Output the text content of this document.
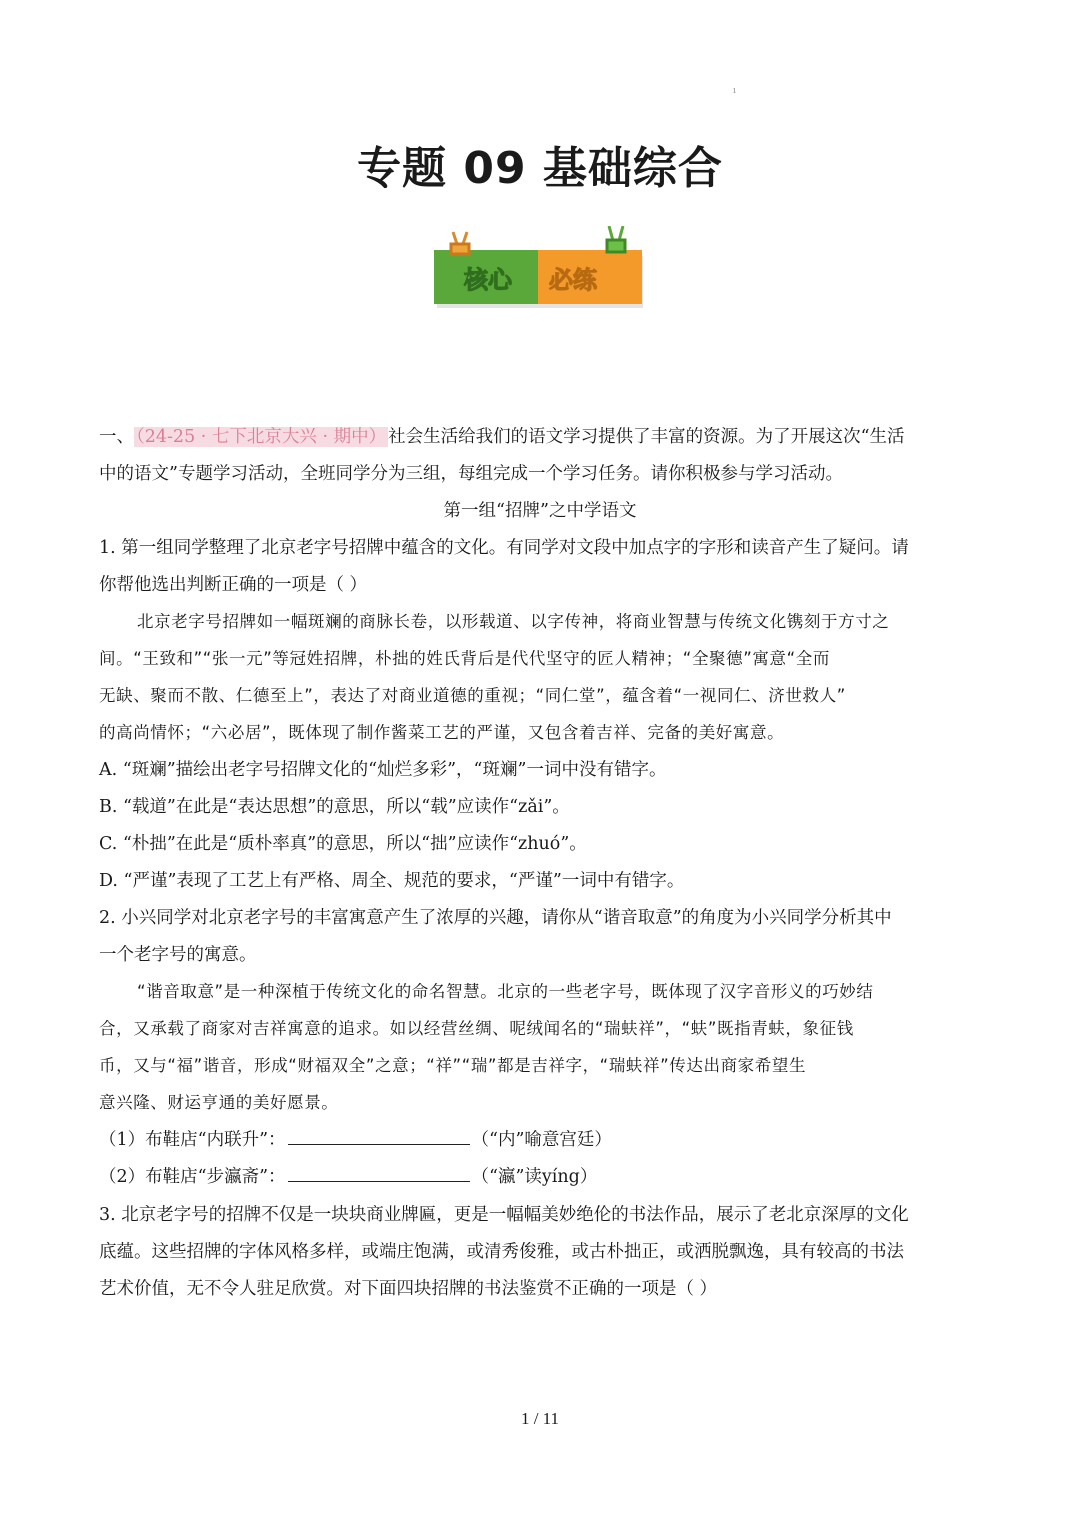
ı
专题 09 基础综合
核心 必练
一、 （24-25 · 七下北京大兴 · 期中） 社会生活给我们的语文学习提供了丰富的资源。为了开展这次“生活
中的语文”专题学习活动，全班同学分为三组，每组完成一个学习任务。请你积极参与学习活动。
第一组“招牌”之中学语文
1. 第一组同学整理了北京老字号招牌中蕴含的文化。有同学对文段中加点字的字形和读音产生了疑问。请
你帮他选出判断正确的一项是（ ）
北京老字号招牌如一幅斑斓的商脉长卷，以形载道、以字传神，将商业智慧与传统文化镌刻于方寸之
间。“王致和”“张一元”等冠姓招牌，朴拙的姓氏背后是代代坚守的匠人精神；“全聚德”寓意“全而
无缺、聚而不散、仁德至上”，表达了对商业道德的重视；“同仁堂”，蕴含着“一视同仁、济世救人”
的高尚情怀；“六必居”，既体现了制作酱菜工艺的严谨，又包含着吉祥、完备的美好寓意。
A. “斑斓”描绘出老字号招牌文化的“灿烂多彩”，“斑斓”一词中没有错字。
B. “载道”在此是“表达思想”的意思，所以“载”应读作“zǎi”。
C. “朴拙”在此是“质朴率真”的意思，所以“拙”应读作“zhuó”。
D. “严谨”表现了工艺上有严格、周全、规范的要求，“严谨”一词中有错字。
2. 小兴同学对北京老字号的丰富寓意产生了浓厚的兴趣，请你从“谐音取意”的角度为小兴同学分析其中
一个老字号的寓意。
“谐音取意”是一种深植于传统文化的命名智慧。北京的一些老字号，既体现了汉字音形义的巧妙结
合，又承载了商家对吉祥寓意的追求。如以经营丝绸、呢绒闻名的“瑞蚨祥”，“蚨”既指青蚨，象征钱
币，又与“福”谐音，形成“财福双全”之意；“祥”“瑞”都是吉祥字，“瑞蚨祥”传达出商家希望生
意兴隆、财运亨通的美好愿景。
（1）布鞋店“内联升”：	（“内”喻意宫廷）
（2）布鞋店“步瀛斋”：	（“瀛”读yíng）
3. 北京老字号的招牌不仅是一块块商业牌匾，更是一幅幅美妙绝伦的书法作品，展示了老北京深厚的文化
底蕴。这些招牌的字体风格多样，或端庄饱满，或清秀俊雅，或古朴拙正，或洒脱飘逸，具有较高的书法
艺术价值，无不令人驻足欣赏。对下面四块招牌的书法鉴赏不正确的一项是（ ）
1 / 11
